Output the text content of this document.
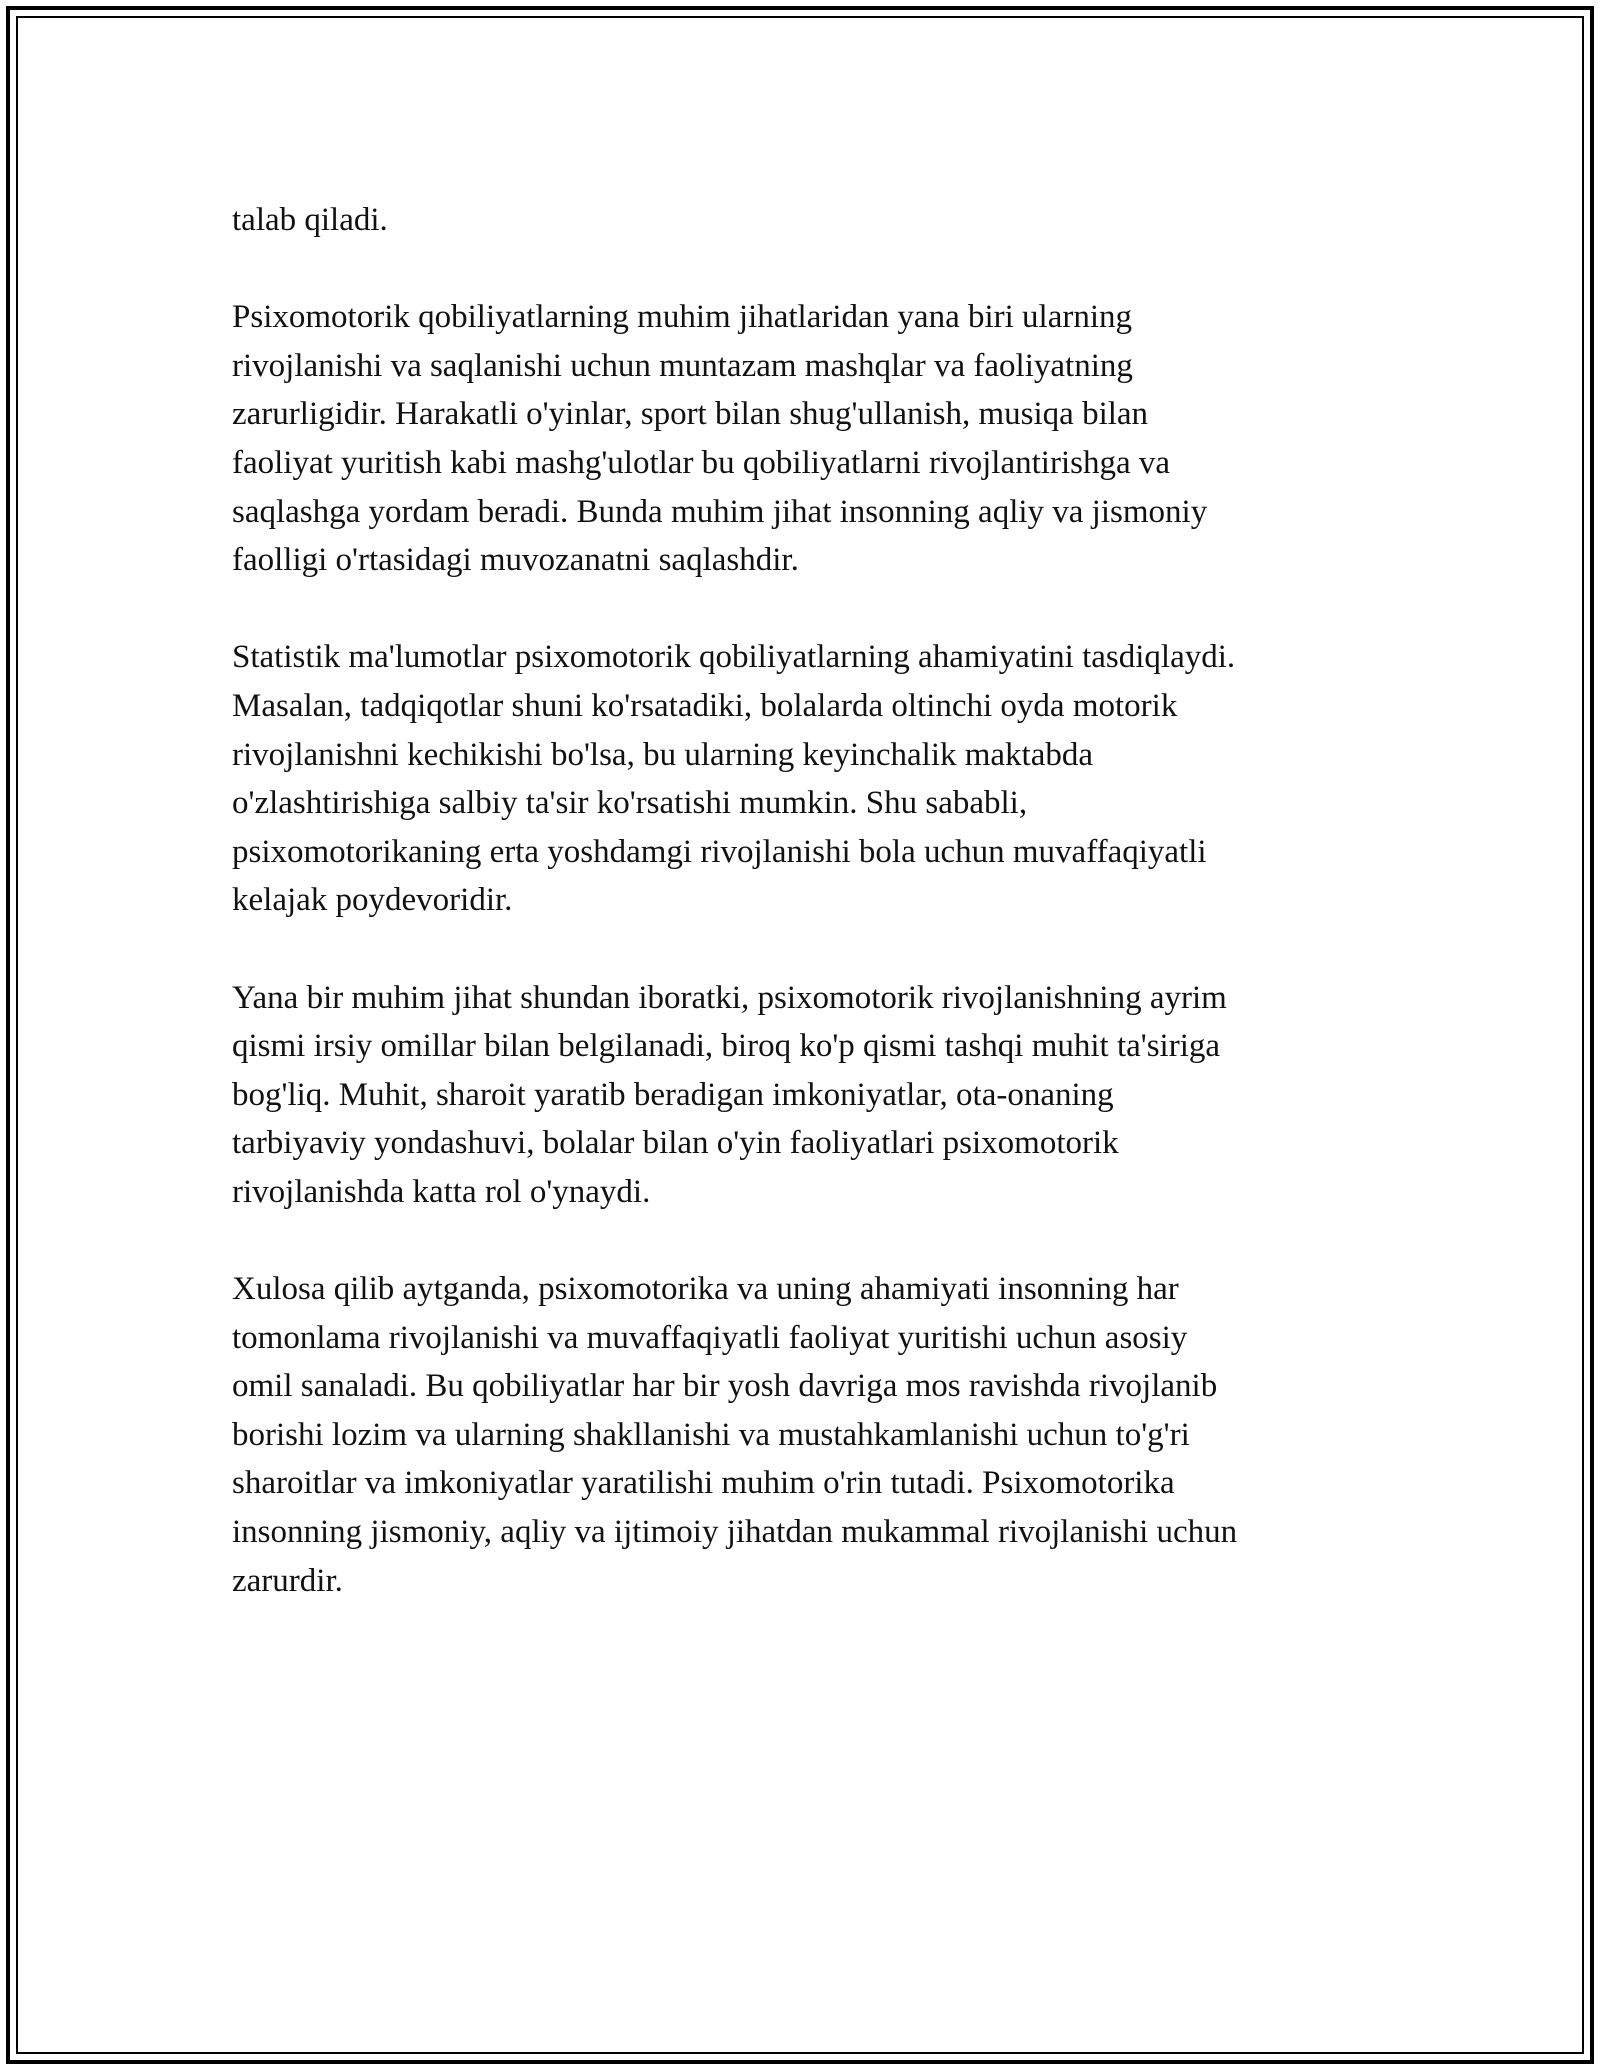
talab qiladi.

Psixomotorik qobiliyatlarning muhim jihatlaridan yana biri ularning
rivojlanishi va saqlanishi uchun muntazam mashqlar va faoliyatning
zarurligidir. Harakatli o'yinlar, sport bilan shug'ullanish, musiqa bilan
faoliyat yuritish kabi mashg'ulotlar bu qobiliyatlarni rivojlantirishga va
saqlashga yordam beradi. Bunda muhim jihat insonning aqliy va jismoniy
faolligi o'rtasidagi muvozanatni saqlashdir.

Statistik ma'lumotlar psixomotorik qobiliyatlarning ahamiyatini tasdiqlaydi.
Masalan, tadqiqotlar shuni ko'rsatadiki, bolalarda oltinchi oyda motorik
rivojlanishni kechikishi bo'lsa, bu ularning keyinchalik maktabda
o'zlashtirishiga salbiy ta'sir ko'rsatishi mumkin. Shu sababli,
psixomotorikaning erta yoshdamgi rivojlanishi bola uchun muvaffaqiyatli
kelajak poydevoridir.

Yana bir muhim jihat shundan iboratki, psixomotorik rivojlanishning ayrim
qismi irsiy omillar bilan belgilanadi, biroq ko'p qismi tashqi muhit ta'siriga
bog'liq. Muhit, sharoit yaratib beradigan imkoniyatlar, ota-onaning
tarbiyaviy yondashuvi, bolalar bilan o'yin faoliyatlari psixomotorik
rivojlanishda katta rol o'ynaydi.

Xulosa qilib aytganda, psixomotorika va uning ahamiyati insonning har
tomonlama rivojlanishi va muvaffaqiyatli faoliyat yuritishi uchun asosiy
omil sanaladi. Bu qobiliyatlar har bir yosh davriga mos ravishda rivojlanib
borishi lozim va ularning shakllanishi va mustahkamlanishi uchun to'g'ri
sharoitlar va imkoniyatlar yaratilishi muhim o'rin tutadi. Psixomotorika
insonning jismoniy, aqliy va ijtimoiy jihatdan mukammal rivojlanishi uchun
zarurdir.
